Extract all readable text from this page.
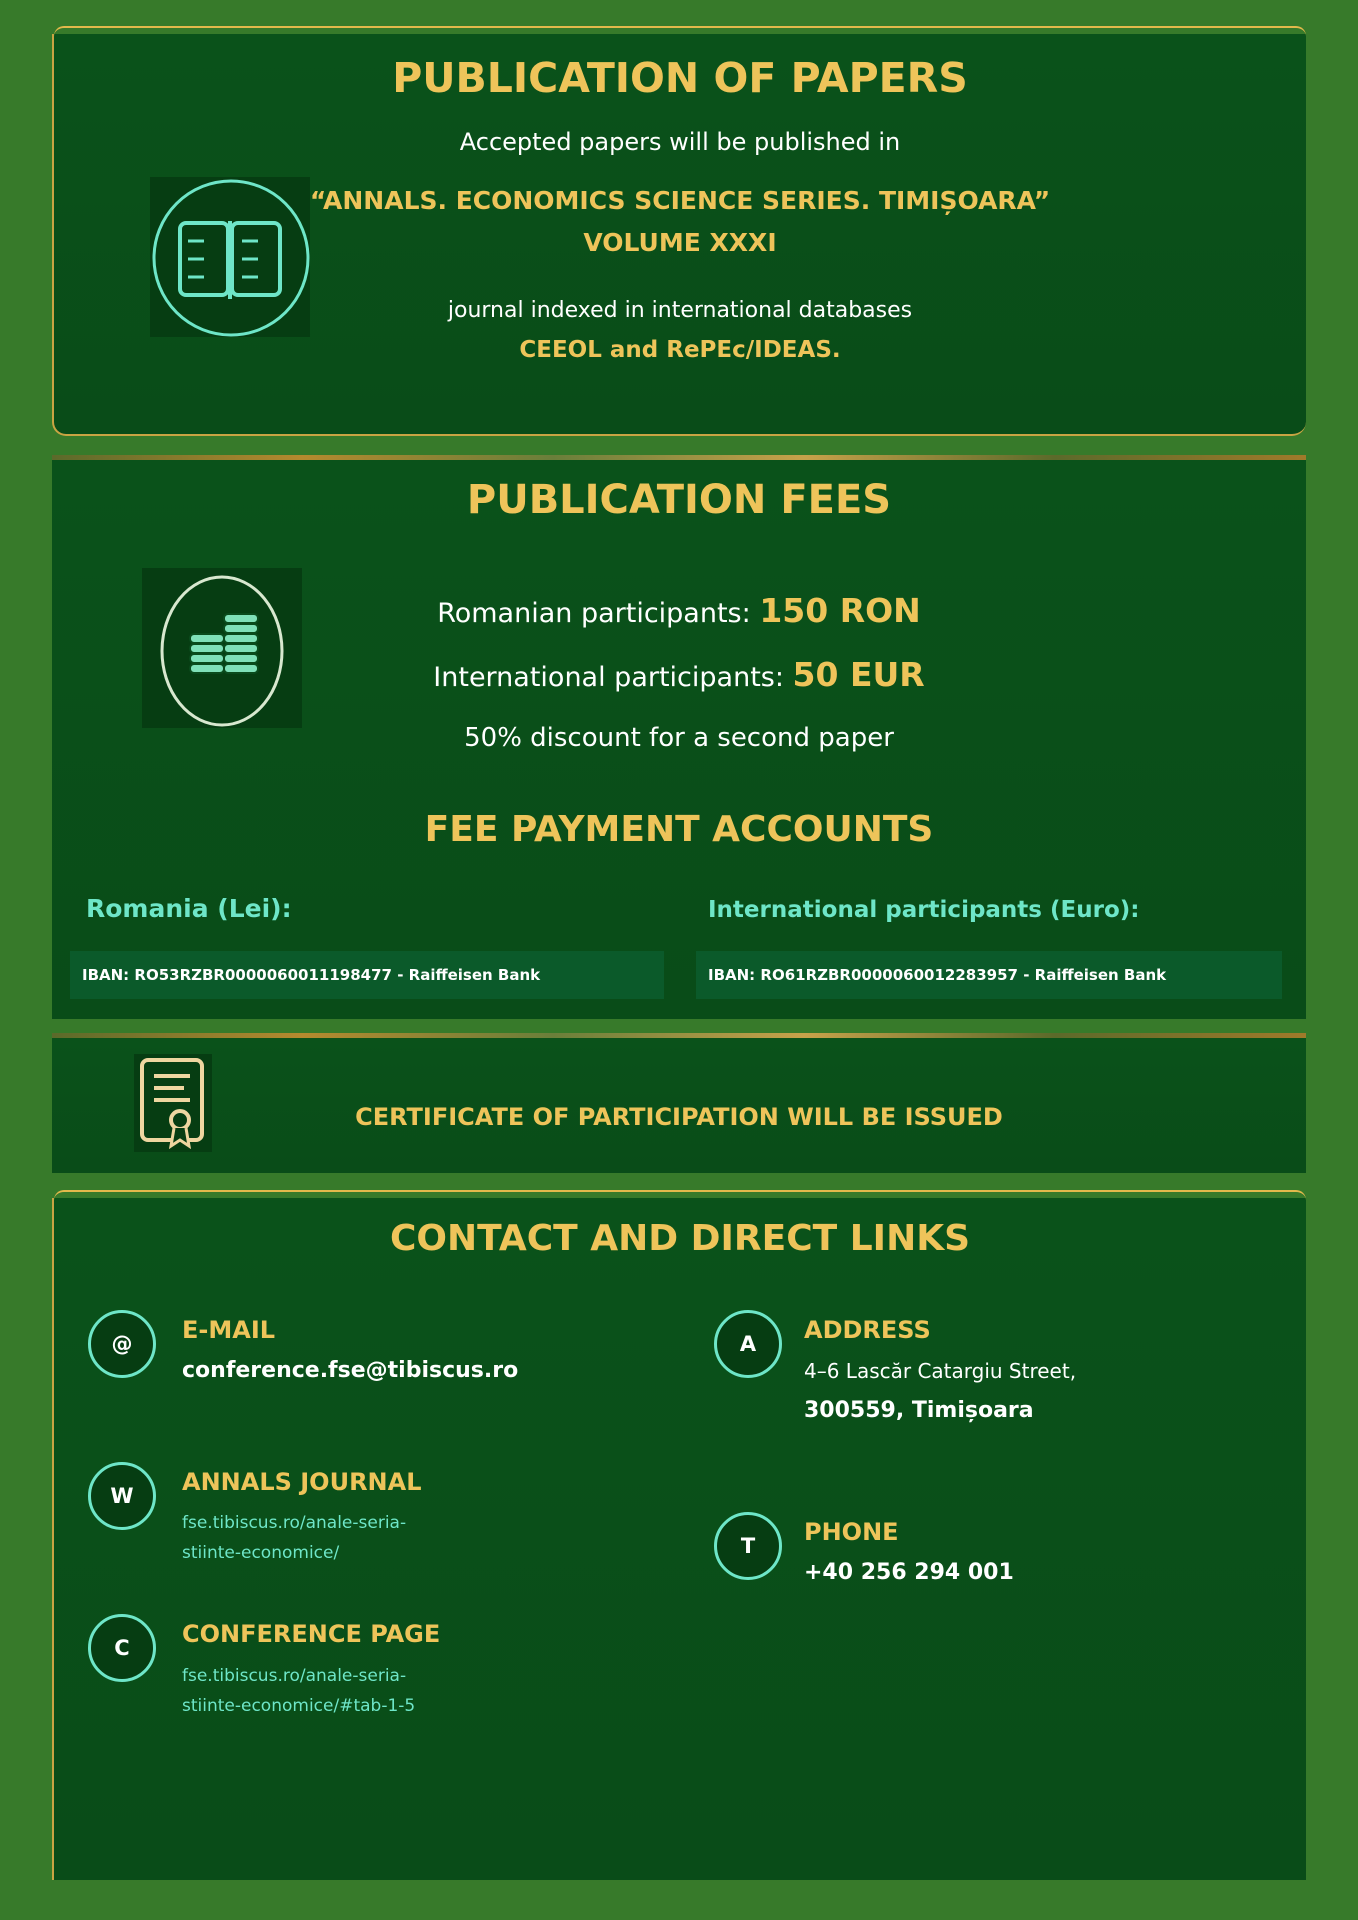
PUBLICATION OF PAPERS

Accepted papers will be published in

“ANNALS. ECONOMICS SCIENCE SERIES. TIMIȘOARA”

VOLUME XXXI

journal indexed in international databases

CEEOL and RePEc/IDEAS.

PUBLICATION FEES

Romanian participants: 150 RON

International participants: 50 EUR

50% discount for a second paper

FEE PAYMENT ACCOUNTS
Romania (Lei):	International participants (Euro):
IBAN: RO53RZBR0000060011198477 - Raiffeisen Bank	IBAN: RO61RZBR0000060012283957 - Raiffeisen Bank

CERTIFICATE OF PARTICIPATION WILL BE ISSUED

CONTACT AND DIRECT LINKS
@	E-MAIL
conference.fse@tibiscus.ro
W	ANNALS JOURNAL
fse.tibiscus.ro/anale-seria-
stiinte-economice/
C	CONFERENCE PAGE
fse.tibiscus.ro/anale-seria-
stiinte-economice/#tab-1-5
A	ADDRESS
4–6 Lascăr Catargiu Street,
300559, Timișoara
T	PHONE
+40 256 294 001
